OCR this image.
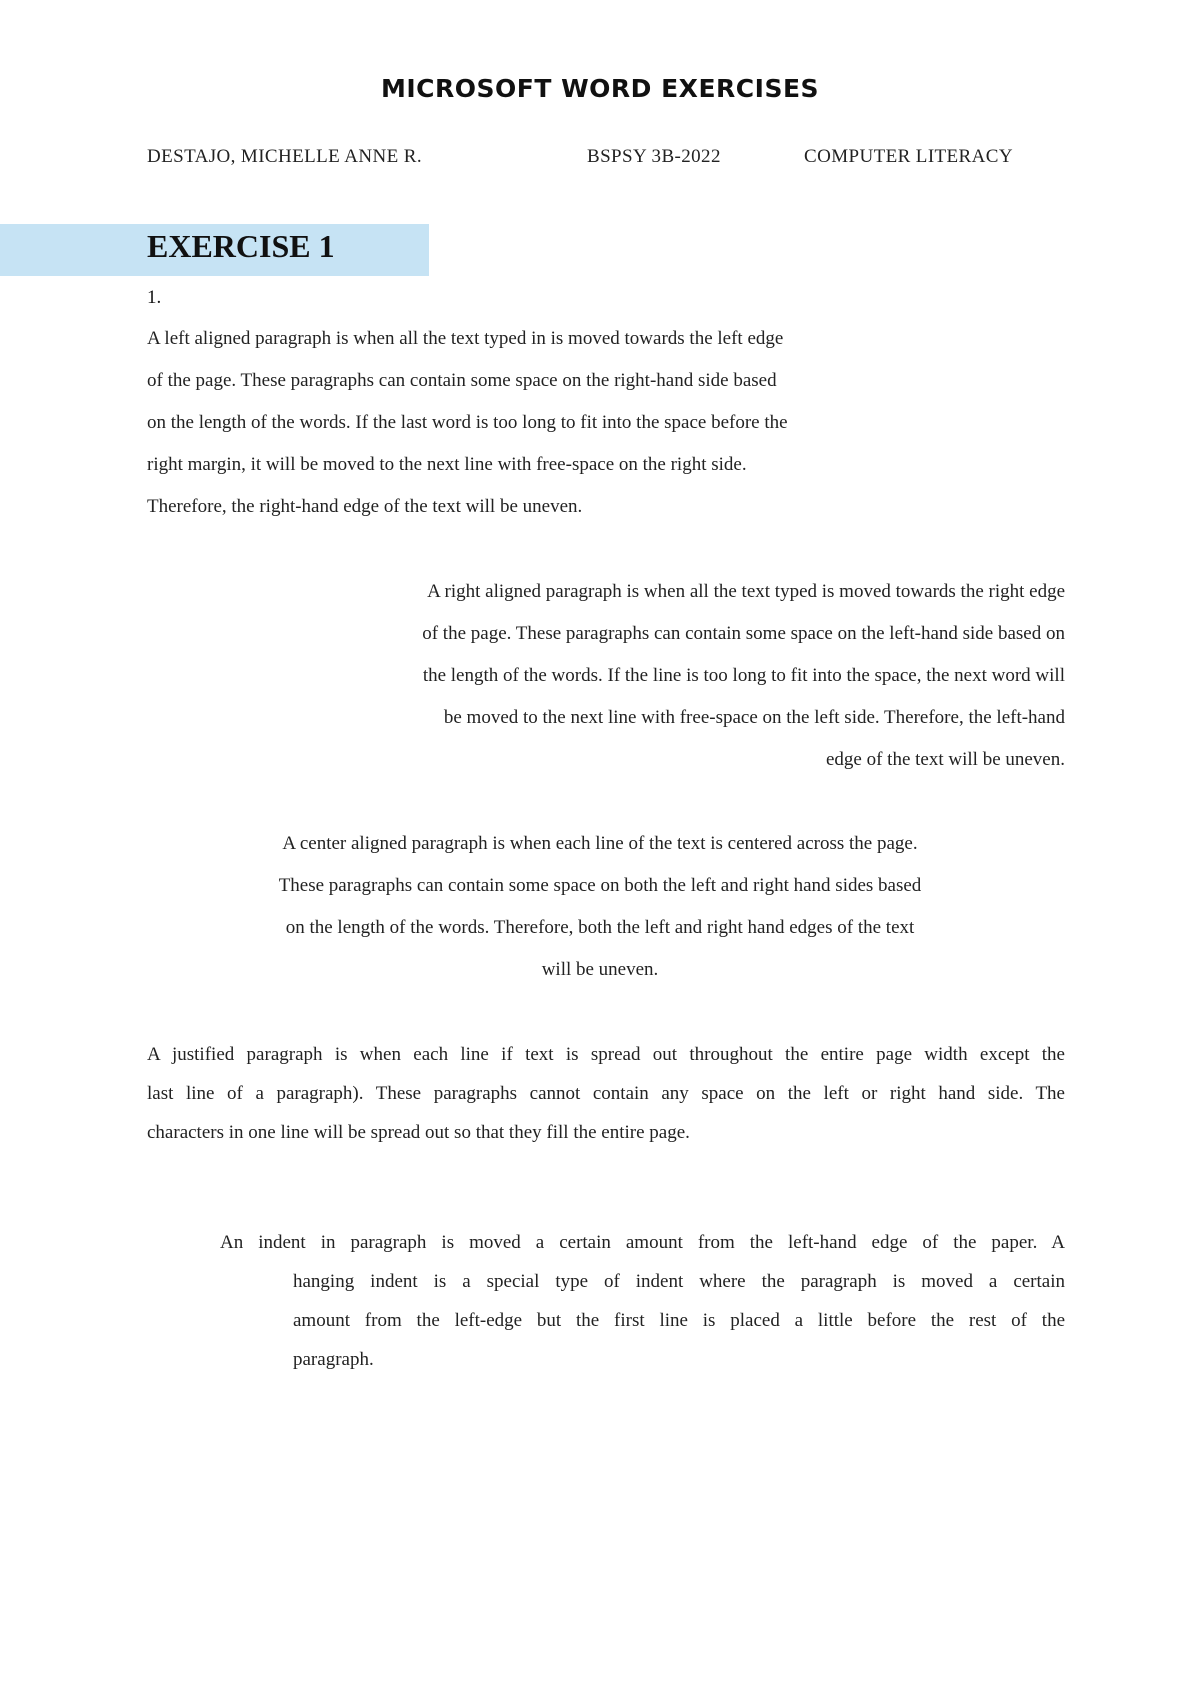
MICROSOFT WORD EXERCISES
DESTAJO, MICHELLE ANNE R.	BSPSY 3B-2022	COMPUTER LITERACY
EXERCISE 1
1.

A left aligned paragraph is when all the text typed in is moved towards the left edge
of the page. These paragraphs can contain some space on the right-hand side based
on the length of the words. If the last word is too long to fit into the space before the
right margin, it will be moved to the next line with free-space on the right side.
Therefore, the right-hand edge of the text will be uneven.

A right aligned paragraph is when all the text typed is moved towards the right edge
of the page. These paragraphs can contain some space on the left-hand side based on
the length of the words. If the line is too long to fit into the space, the next word will
be moved to the next line with free-space on the left side. Therefore, the left-hand
edge of the text will be uneven.

A center aligned paragraph is when each line of the text is centered across the page.
These paragraphs can contain some space on both the left and right hand sides based
on the length of the words. Therefore, both the left and right hand edges of the text
will be uneven.

A justified paragraph is when each line if text is spread out throughout the entire page width except the
last line of a paragraph). These paragraphs cannot contain any space on the left or right hand side. The
characters in one line will be spread out so that they fill the entire page.

An indent in paragraph is moved a certain amount from the left-hand edge of the paper. A
hanging indent is a special type of indent where the paragraph is moved a certain
amount from the left-edge but the first line is placed a little before the rest of the
paragraph.
